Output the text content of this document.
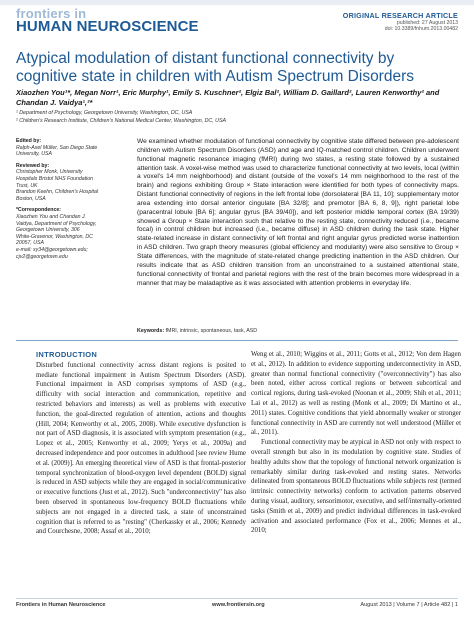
frontiers in
HUMAN NEUROSCIENCE
ORIGINAL RESEARCH ARTICLE
published: 27 August 2013
doi: 10.3389/fnhum.2013.00482
Atypical modulation of distant functional connectivity by cognitive state in children with Autism Spectrum Disorders
Xiaozhen You¹*, Megan Norr¹, Eric Murphy¹, Emily S. Kuschner², Elgiz Bal², William D. Gaillard², Lauren Kenworthy² and Chandan J. Vaidya¹,²*
¹ Department of Psychology, Georgetown University, Washington, DC, USA
² Children's Research Institute, Children's National Medical Center, Washington, DC, USA
Edited by:
Ralph-Axel Müller, San Diego State
University, USA
Reviewed by:
Christopher Monk, University
Hospitals Bristol NHS Foundation
Trust, UK
Brandon Keehn, Children's Hospital
Boston, USA
*Correspondence:
Xiaozhen You and Chandan J.
Vaidya, Department of Psychology,
Georgetown University, 306
White-Gravenor, Washington, DC
20057, USA
e-mail: xy34@georgetown.edu;
cjv2@georgetown.edu
We examined whether modulation of functional connectivity by cognitive state differed between pre-adolescent children with Autism Spectrum Disorders (ASD) and age and IQ-matched control children. Children underwent functional magnetic resonance imaging (fMRI) during two states, a resting state followed by a sustained attention task. A voxel-wise method was used to characterize functional connectivity at two levels, local (within a voxel's 14 mm neighborhood) and distant (outside of the voxel's 14 mm neighborhood to the rest of the brain) and regions exhibiting Group × State interaction were identified for both types of connectivity maps. Distant functional connectivity of regions in the left frontal lobe (dorsolateral [BA 11, 10]; supplementary motor area extending into dorsal anterior cingulate [BA 32/8]; and premotor [BA 6, 8, 9]), right parietal lobe (paracentral lobule [BA 6]; angular gyrus [BA 39/40]), and left posterior middle temporal cortex (BA 19/39) showed a Group × State interaction such that relative to the resting state, connectivity reduced (i.e., became focal) in control children but increased (i.e., became diffuse) in ASD children during the task state. Higher state-related increase in distant connectivity of left frontal and right angular gyrus predicted worse inattention in ASD children. Two graph theory measures (global efficiency and modularity) were also sensitive to Group × State differences, with the magnitude of state-related change predicting inattention in the ASD children. Our results indicate that as ASD children transition from an unconstrained to a sustained attentional state, functional connectivity of frontal and parietal regions with the rest of the brain becomes more widespread in a manner that may be maladaptive as it was associated with attention problems in everyday life.
Keywords: fMRI, intrinsic, spontaneous, task, ASD
INTRODUCTION

Disturbed functional connectivity across distant regions is posited to mediate functional impairment in Autism Spectrum Disorders (ASD). Functional impairment in ASD comprises symptoms of ASD (e.g., difficulty with social interaction and communication, repetitive and restricted behaviors and interests) as well as problems with executive function, the goal-directed regulation of attention, actions and thoughts (Hill, 2004; Kenworthy et al., 2005, 2008). While executive dysfunction is not part of ASD diagnosis, it is associated with symptom presentation (e.g., Lopez et al., 2005; Kenworthy et al., 2009; Yerys et al., 2009a) and decreased independence and poor outcomes in adulthood [see review Hume et al. (2009)]. An emerging theoretical view of ASD is that frontal-posterior temporal synchronization of blood-oxygen level dependent (BOLD) signal is reduced in ASD subjects while they are engaged in social/communicative or executive functions (Just et al., 2012). Such "underconnectivity" has also been observed in spontaneous low-frequency BOLD fluctuations while subjects are not engaged in a directed task, a state of unconstrained cognition that is referred to as "resting" (Cherkassky et al., 2006; Kennedy and Courchesne, 2008; Assaf et al., 2010;

Weng et al., 2010; Wiggins et al., 2011; Gotts et al., 2012; Von dem Hagen et al., 2012). In addition to evidence supporting underconnectivity in ASD, greater than normal functional connectivity ("overconnectivity") has also been noted, either across cortical regions or between subcortical and cortical regions, during task-evoked (Noonan et al., 2009; Shih et al., 2011; Lai et al., 2012) as well as resting (Monk et al., 2009; Di Martino et al., 2011) states. Cognitive conditions that yield abnormally weaker or stronger functional connectivity in ASD are currently not well understood (Müller et al., 2011).

Functional connectivity may be atypical in ASD not only with respect to overall strength but also in its modulation by cognitive state. Studies of healthy adults show that the topology of functional network organization is remarkably similar during task-evoked and resting states. Networks delineated from spontaneous BOLD fluctuations while subjects rest (termed intrinsic connectivity networks) conform to activation patterns observed during visual, auditory, sensorimotor, executive, and self/internally-oriented tasks (Smith et al., 2009) and predict individual differences in task-evoked activation and associated performance (Fox et al., 2006; Mennes et al., 2010;

Frontiers in Human Neuroscience	www.frontiersin.org	August 2013 | Volume 7 | Article 482 | 1
